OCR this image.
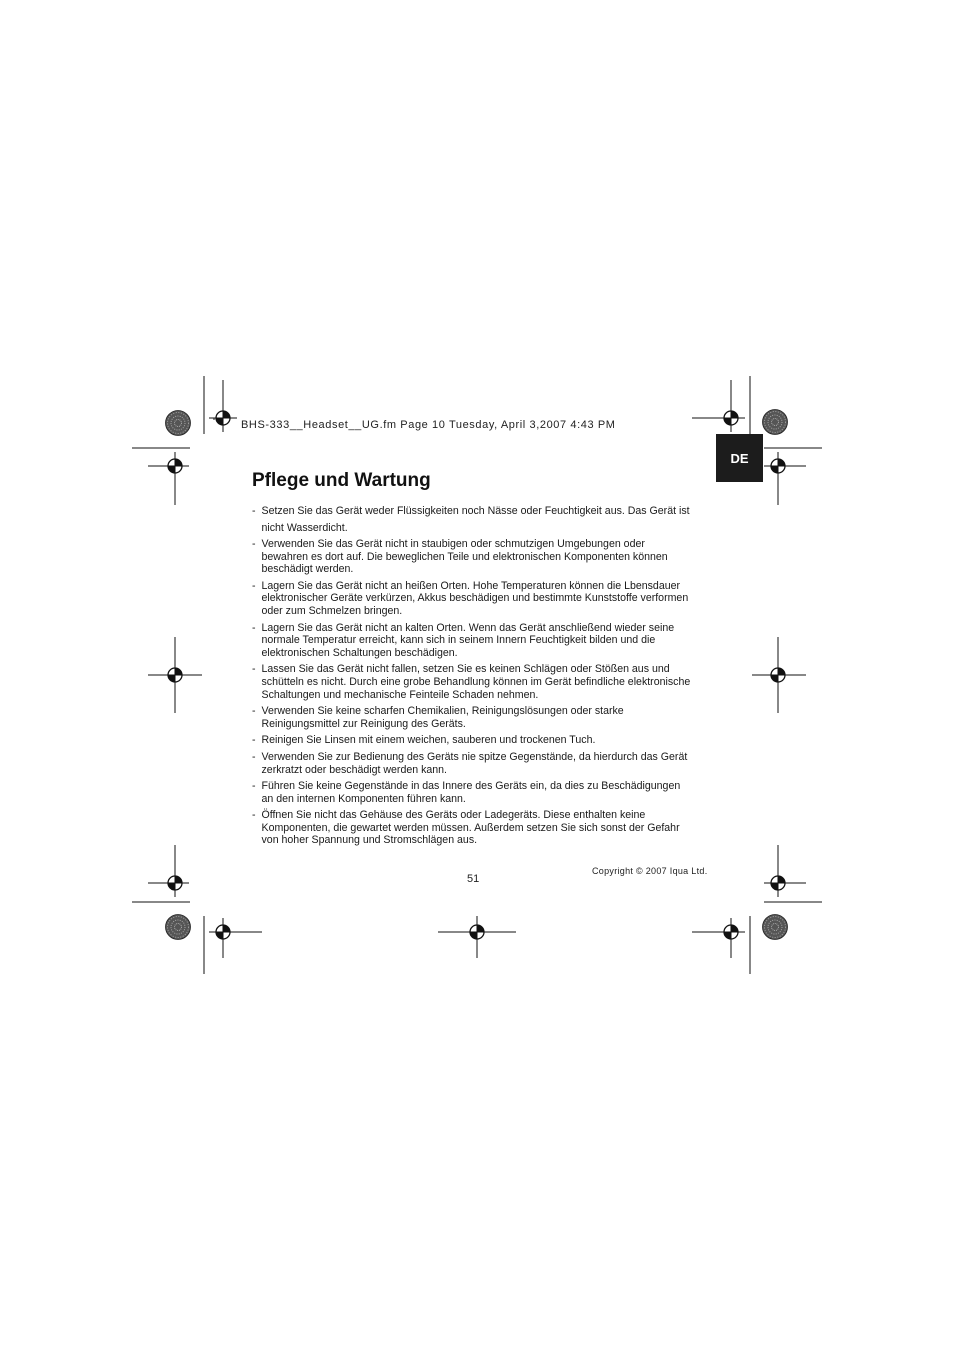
BHS-333__Headset__UG.fm Page 10 Tuesday, April 3,2007 4:43 PM
DE
Pflege und Wartung
- Setzen Sie das Gerät weder Flüssigkeiten noch Nässe oder Feuchtigkeit aus. Das Gerät ist
nicht Wasserdicht.
- Verwenden Sie das Gerät nicht in staubigen oder schmutzigen Umgebungen oder
bewahren es dort auf. Die beweglichen Teile und elektronischen Komponenten können
beschädigt werden.
- Lagern Sie das Gerät nicht an heißen Orten. Hohe Temperaturen können die Lbensdauer
elektronischer Geräte verkürzen, Akkus beschädigen und bestimmte Kunststoffe verformen
oder zum Schmelzen bringen.
- Lagern Sie das Gerät nicht an kalten Orten. Wenn das Gerät anschließend wieder seine
normale Temperatur erreicht, kann sich in seinem Innern Feuchtigkeit bilden und die
elektronischen Schaltungen beschädigen.
- Lassen Sie das Gerät nicht fallen, setzen Sie es keinen Schlägen oder Stößen aus und
schütteln es nicht. Durch eine grobe Behandlung können im Gerät befindliche elektronische
Schaltungen und mechanische Feinteile Schaden nehmen.
- Verwenden Sie keine scharfen Chemikalien, Reinigungslösungen oder starke
Reinigungsmittel zur Reinigung des Geräts.
- Reinigen Sie Linsen mit einem weichen, sauberen und trockenen Tuch.
- Verwenden Sie zur Bedienung des Geräts nie spitze Gegenstände, da hierdurch das Gerät
zerkratzt oder beschädigt werden kann.
- Führen Sie keine Gegenstände in das Innere des Geräts ein, da dies zu Beschädigungen
an den internen Komponenten führen kann.
- Öffnen Sie nicht das Gehäuse des Geräts oder Ladegeräts. Diese enthalten keine
Komponenten, die gewartet werden müssen. Außerdem setzen Sie sich sonst der Gefahr
von hoher Spannung und Stromschlägen aus.
51
Copyright © 2007 Iqua Ltd.
